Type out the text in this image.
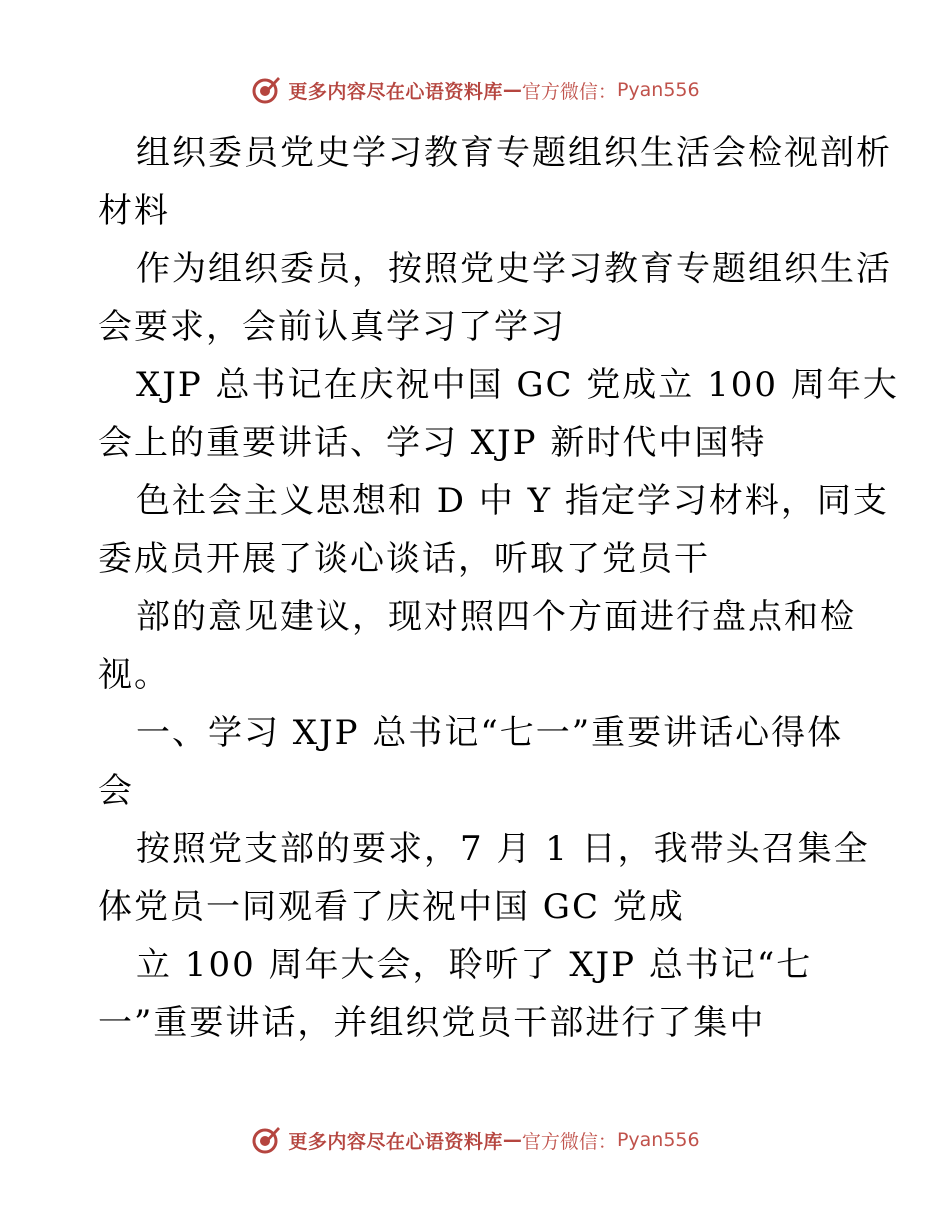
更多内容尽在心语资料库 — 官方微信： Pyan556
组织委员党史学习教育专题组织生活会检视剖析
材料
作为组织委员，按照党史学习教育专题组织生活
会要求，会前认真学习了学习
XJP 总书记在庆祝中国 GC 党成立 100 周年大
会上的重要讲话、学习 XJP 新时代中国特
色社会主义思想和 D 中 Y 指定学习材料，同支
委成员开展了谈心谈话，听取了党员干
部的意见建议，现对照四个方面进行盘点和检
视。
一、学习 XJP 总书记“七一”重要讲话心得体
会
按照党支部的要求，7 月 1 日，我带头召集全
体党员一同观看了庆祝中国 GC 党成
立 100 周年大会，聆听了 XJP 总书记“七
一”重要讲话，并组织党员干部进行了集中
更多内容尽在心语资料库 — 官方微信： Pyan556
